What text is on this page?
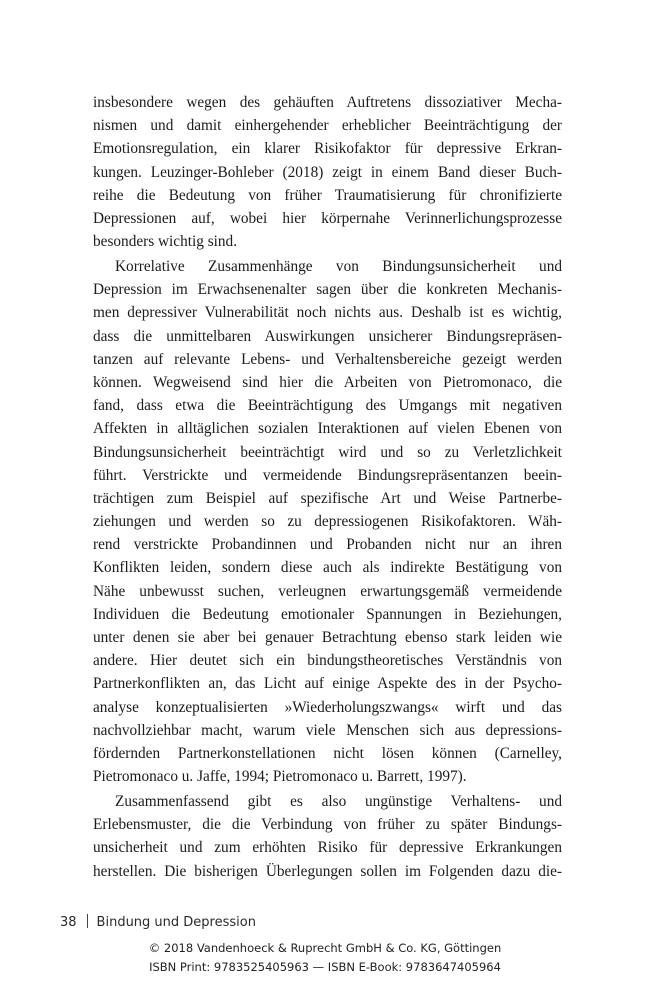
insbesondere wegen des gehäuften Auftretens dissoziativer Mecha-
nismen und damit einhergehender erheblicher Beeinträchtigung der
Emotionsregulation, ein klarer Risikofaktor für depressive Erkran-
kungen. Leuzinger-Bohleber (2018) zeigt in einem Band dieser Buch-
reihe die Bedeutung von früher Traumatisierung für chronifizierte
Depressionen auf, wobei hier körpernahe Verinnerlichungsprozesse
besonders wichtig sind.
Korrelative Zusammenhänge von Bindungsunsicherheit und
Depression im Erwachsenenalter sagen über die konkreten Mechanis-
men depressiver Vulnerabilität noch nichts aus. Deshalb ist es wichtig,
dass die unmittelbaren Auswirkungen unsicherer Bindungsrepräsen-
tanzen auf relevante Lebens- und Verhaltensbereiche gezeigt werden
können. Wegweisend sind hier die Arbeiten von Pietromonaco, die
fand, dass etwa die Beeinträchtigung des Umgangs mit negativen
Affekten in alltäglichen sozialen Interaktionen auf vielen Ebenen von
Bindungsunsicherheit beeinträchtigt wird und so zu Verletzlichkeit
führt. Verstrickte und vermeidende Bindungsrepräsentanzen beein-
trächtigen zum Beispiel auf spezifische Art und Weise Partnerbe-
ziehungen und werden so zu depressiogenen Risikofaktoren. Wäh-
rend verstrickte Probandinnen und Probanden nicht nur an ihren
Konflikten leiden, sondern diese auch als indirekte Bestätigung von
Nähe unbewusst suchen, verleugnen erwartungsgemäß vermeidende
Individuen die Bedeutung emotionaler Spannungen in Beziehungen,
unter denen sie aber bei genauer Betrachtung ebenso stark leiden wie
andere. Hier deutet sich ein bindungstheoretisches Verständnis von
Partnerkonflikten an, das Licht auf einige Aspekte des in der Psycho-
analyse konzeptualisierten »Wiederholungszwangs« wirft und das
nachvollziehbar macht, warum viele Menschen sich aus depressions-
fördernden Partnerkonstellationen nicht lösen können (Carnelley,
Pietromonaco u. Jaffe, 1994; Pietromonaco u. Barrett, 1997).
Zusammenfassend gibt es also ungünstige Verhaltens- und
Erlebensmuster, die die Verbindung von früher zu später Bindungs-
unsicherheit und zum erhöhten Risiko für depressive Erkrankungen
herstellen. Die bisherigen Überlegungen sollen im Folgenden dazu die-
38 Bindung und Depression
© 2018 Vandenhoeck & Ruprecht GmbH & Co. KG, Göttingen
ISBN Print: 9783525405963 — ISBN E-Book: 9783647405964
